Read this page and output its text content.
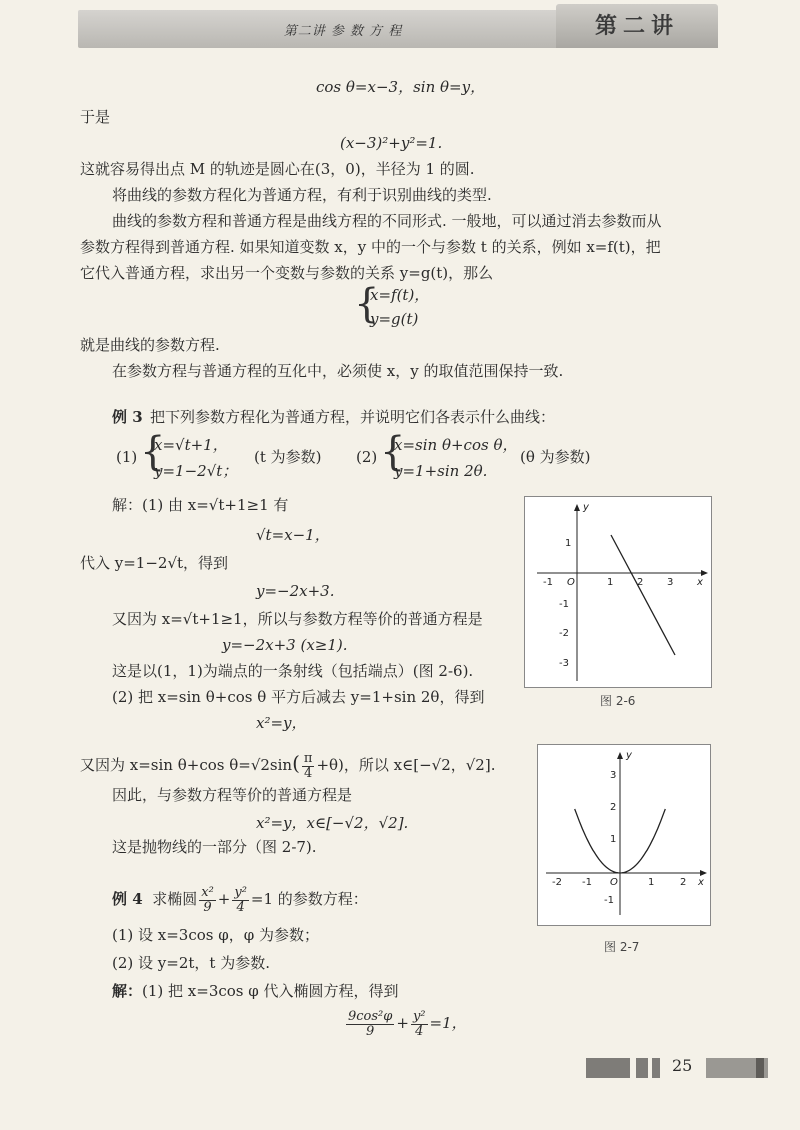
第二讲 参 数 方 程	第二讲
cos θ=x−3，sin θ=y，
于是
(x−3)²+y²=1.
这就容易得出点 M 的轨迹是圆心在(3，0)，半径为 1 的圆.
将曲线的参数方程化为普通方程，有利于识别曲线的类型.
曲线的参数方程和普通方程是曲线方程的不同形式. 一般地，可以通过消去参数而从
参数方程得到普通方程. 如果知道变数 x，y 中的一个与参数 t 的关系，例如 x=f(t)，把
它代入普通方程，求出另一个变数与参数的关系 y=g(t)，那么
{
x=f(t)，
y=g(t)
就是曲线的参数方程.
在参数方程与普通方程的互化中，必须使 x，y 的取值范围保持一致.
例 3 把下列参数方程化为普通方程，并说明它们各表示什么曲线：
(1) {
x=√t+1，
y=1−2√t；
(t 为参数) (2) {
x=sin θ+cos θ，
y=1+sin 2θ.
(θ 为参数)
解：(1) 由 x=√t+1≥1 有
√t=x−1，
代入 y=1−2√t，得到
y=−2x+3.
又因为 x=√t+1≥1，所以与参数方程等价的普通方程是
y=−2x+3 (x≥1).
这是以(1，1)为端点的一条射线（包括端点）(图 2-6).
(2) 把 x=sin θ+cos θ 平方后减去 y=1+sin 2θ，得到
x²=y，
又因为 x=sin θ+cos $\theta=√2\sin( \frac{\pi}{4} +\theta)$，所以 x∈[−√2，√2].
因此，与参数方程等价的普通方程是
x²=y，x∈[−√2，√2].
这是抛物线的一部分（图 2-7).
例 4 求椭圆 $\frac{\text{x²}}{9} + \frac{\text{y²}}{4} =1$ 的参数方程：
(1) 设 x=3cos φ，φ 为参数；
(2) 设 y=2t，t 为参数.
解：(1) 把 x=3cos φ 代入椭圆方程，得到
$\frac{\text{9cos²φ}}{9} + \frac{\text{y²}}{4} =1$，
y
x
O
-1	1 2 3
1
-1
-2
-3
图 2-6
y
x
O
-2 -1	1	2
3
2
1
-1
图 2-7
25
